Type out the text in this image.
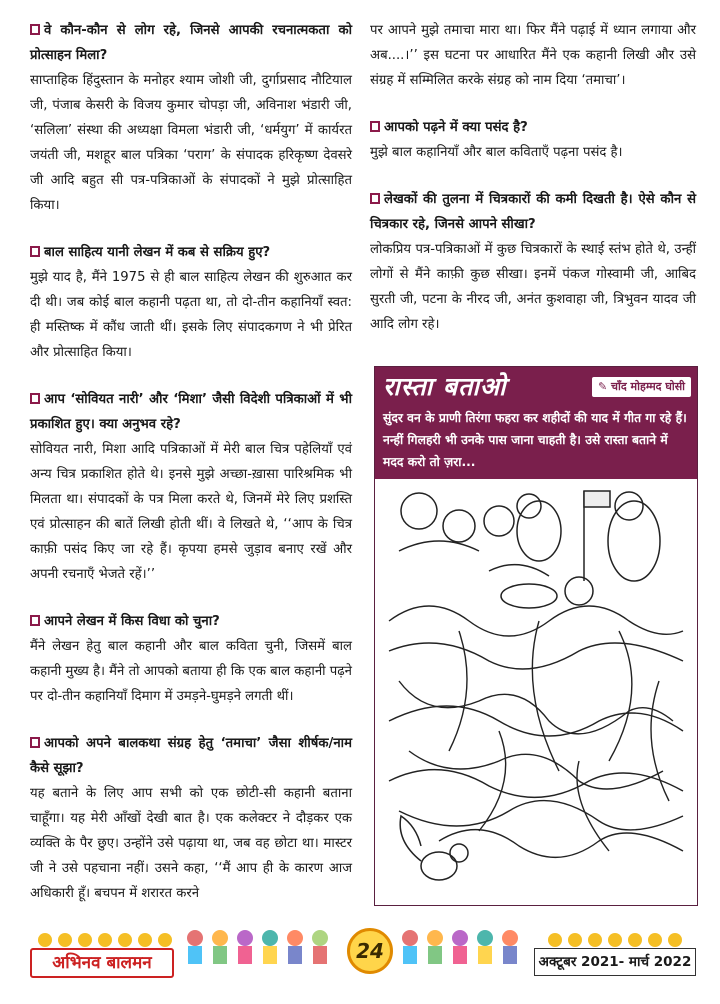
वे कौन-कौन से लोग रहे, जिनसे आपकी रचनात्मकता को प्रोत्साहन मिला?

साप्ताहिक हिंदुस्तान के मनोहर श्याम जोशी जी, दुर्गाप्रसाद नौटियाल जी, पंजाब केसरी के विजय कुमार चोपड़ा जी, अविनाश भंडारी जी, ‘सलिला’ संस्था की अध्यक्षा विमला भंडारी जी, ‘धर्मयुग’ में कार्यरत जयंती जी, मशहूर बाल पत्रिका ‘पराग’ के संपादक हरिकृष्ण देवसरे जी आदि बहुत सी पत्र-पत्रिकाओं के संपादकों ने मुझे प्रोत्साहित किया।

बाल साहित्य यानी लेखन में कब से सक्रिय हुए?

मुझे याद है, मैंने 1975 से ही बाल साहित्य लेखन की शुरुआत कर दी थी। जब कोई बाल कहानी पढ़ता था, तो दो-तीन कहानियाँ स्वत: ही मस्तिष्क में कौंध जाती थीं। इसके लिए संपादकगण ने भी प्रेरित और प्रोत्साहित किया।

आप ‘सोवियत नारी’ और ‘मिशा’ जैसी विदेशी पत्रिकाओं में भी प्रकाशित हुए। क्या अनुभव रहे?

सोवियत नारी, मिशा आदि पत्रिकाओं में मेरी बाल चित्र पहेलियाँ एवं अन्य चित्र प्रकाशित होते थे। इनसे मुझे अच्छा-ख़ासा पारिश्रमिक भी मिलता था। संपादकों के पत्र मिला करते थे, जिनमें मेरे लिए प्रशस्ति एवं प्रोत्साहन की बातें लिखी होती थीं। वे लिखते थे, ‘‘आप के चित्र काफ़ी पसंद किए जा रहे हैं। कृपया हमसे जुड़ाव बनाए रखें और अपनी रचनाएँ भेजते रहें।’’

आपने लेखन में किस विधा को चुना?

मैंने लेखन हेतु बाल कहानी और बाल कविता चुनी, जिसमें बाल कहानी मुख्य है। मैंने तो आपको बताया ही कि एक बाल कहानी पढ़ने पर दो-तीन कहानियाँ दिमाग में उमड़ने-घुमड़ने लगती थीं।

आपको अपने बालकथा संग्रह हेतु ‘तमाचा’ जैसा शीर्षक/नाम कैसे सूझा?

यह बताने के लिए आप सभी को एक छोटी-सी कहानी बताना चाहूँगा। यह मेरी आँखों देखी बात है। एक कलेक्टर ने दौड़कर एक व्यक्ति के पैर छुए। उन्होंने उसे पढ़ाया था, जब वह छोटा था। मास्टर जी ने उसे पहचाना नहीं। उसने कहा, ‘‘मैं आप ही के कारण आज अधिकारी हूँ। बचपन में शरारत करने

पर आपने मुझे तमाचा मारा था। फिर मैंने पढ़ाई में ध्यान लगाया और अब....।’’ इस घटना पर आधारित मैंने एक कहानी लिखी और उसे संग्रह में सम्मिलित करके संग्रह को नाम दिया ‘तमाचा’।

आपको पढ़ने में क्या पसंद है?

मुझे बाल कहानियाँ और बाल कविताएँ पढ़ना पसंद है।

लेखकों की तुलना में चित्रकारों की कमी दिखती है। ऐसे कौन से चित्रकार रहे, जिनसे आपने सीखा?

लोकप्रिय पत्र-पत्रिकाओं में कुछ चित्रकारों के स्थाई स्तंभ होते थे, उन्हीं लोगों से मैंने काफ़ी कुछ सीखा। इनमें पंकज गोस्वामी जी, आबिद सुरती जी, पटना के नीरद जी, अनंत कुशवाहा जी, त्रिभुवन यादव जी आदि लोग रहे।

रास्ता बताओ	✎ चाँद मोहम्मद घोसी
सुंदर वन के प्राणी तिरंगा फहरा कर शहीदों की याद में गीत गा रहे हैं। नन्हीं गिलहरी भी उनके पास जाना चाहती है। उसे रास्ता बताने में मदद करो तो ज़रा...
अभिनव बालमन	24	अक्टूबर 2021- मार्च 2022
